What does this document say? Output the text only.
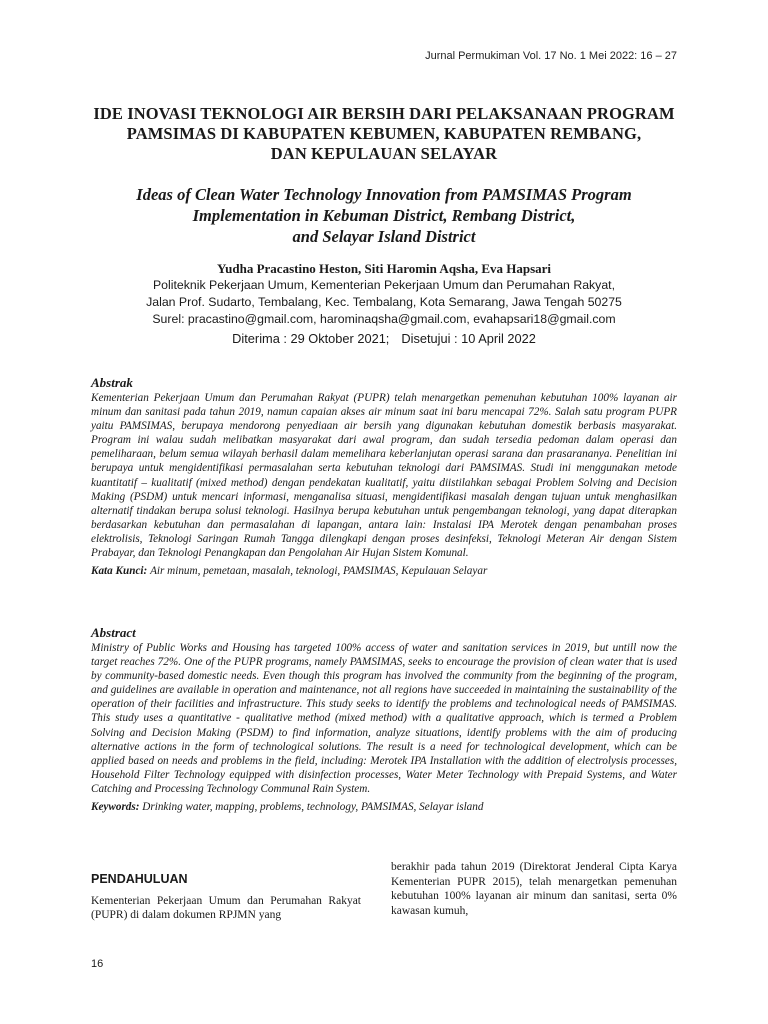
Jurnal Permukiman Vol. 17 No. 1 Mei 2022: 16 – 27

IDE INOVASI TEKNOLOGI AIR BERSIH DARI PELAKSANAAN PROGRAM
PAMSIMAS DI KABUPATEN KEBUMEN, KABUPATEN REMBANG,
DAN KEPULAUAN SELAYAR

Ideas of Clean Water Technology Innovation from PAMSIMAS Program
Implementation in Kebuman District, Rembang District,
and Selayar Island District

Yudha Pracastino Heston, Siti Haromin Aqsha, Eva Hapsari
Politeknik Pekerjaan Umum, Kementerian Pekerjaan Umum dan Perumahan Rakyat,
Jalan Prof. Sudarto, Tembalang, Kec. Tembalang, Kota Semarang, Jawa Tengah 50275
Surel: pracastino@gmail.com, harominaqsha@gmail.com, evahapsari18@gmail.com
Diterima : 29 Oktober 2021; Disetujui : 10 April 2022
Abstrak

Kementerian Pekerjaan Umum dan Perumahan Rakyat (PUPR) telah menargetkan pemenuhan kebutuhan 100% layanan air minum dan sanitasi pada tahun 2019, namun capaian akses air minum saat ini baru mencapai 72%. Salah satu program PUPR yaitu PAMSIMAS, berupaya mendorong penyediaan air bersih yang digunakan kebutuhan domestik berbasis masyarakat. Program ini walau sudah melibatkan masyarakat dari awal program, dan sudah tersedia pedoman dalam operasi dan pemeliharaan, belum semua wilayah berhasil dalam memelihara keberlanjutan operasi sarana dan prasarananya. Penelitian ini berupaya untuk mengidentifikasi permasalahan serta kebutuhan teknologi dari PAMSIMAS. Studi ini menggunakan metode kuantitatif – kualitatif (mixed method) dengan pendekatan kualitatif, yaitu diistilahkan sebagai Problem Solving and Decision Making (PSDM) untuk mencari informasi, menganalisa situasi, mengidentifikasi masalah dengan tujuan untuk menghasilkan alternatif tindakan berupa solusi teknologi. Hasilnya berupa kebutuhan untuk pengembangan teknologi, yang dapat diterapkan berdasarkan kebutuhan dan permasalahan di lapangan, antara lain: Instalasi IPA Merotek dengan penambahan proses elektrolisis, Teknologi Saringan Rumah Tangga dilengkapi dengan proses desinfeksi, Teknologi Meteran Air dengan Sistem Prabayar, dan Teknologi Penangkapan dan Pengolahan Air Hujan Sistem Komunal.

Kata Kunci: Air minum, pemetaan, masalah, teknologi, PAMSIMAS, Kepulauan Selayar
Abstract

Ministry of Public Works and Housing has targeted 100% access of water and sanitation services in 2019, but untill now the target reaches 72%. One of the PUPR programs, namely PAMSIMAS, seeks to encourage the provision of clean water that is used by community-based domestic needs. Even though this program has involved the community from the beginning of the program, and guidelines are available in operation and maintenance, not all regions have succeeded in maintaining the sustainability of the operation of their facilities and infrastructure. This study seeks to identify the problems and technological needs of PAMSIMAS. This study uses a quantitative - qualitative method (mixed method) with a qualitative approach, which is termed a Problem Solving and Decision Making (PSDM) to find information, analyze situations, identify problems with the aim of producing alternative actions in the form of technological solutions. The result is a need for technological development, which can be applied based on needs and problems in the field, including: Merotek IPA Installation with the addition of electrolysis processes, Household Filter Technology equipped with disinfection processes, Water Meter Technology with Prepaid Systems, and Water Catching and Processing Technology Communal Rain System.

Keywords: Drinking water, mapping, problems, technology, PAMSIMAS, Selayar island
PENDAHULUAN

Kementerian Pekerjaan Umum dan Perumahan Rakyat (PUPR) di dalam dokumen RPJMN yang

berakhir pada tahun 2019 (Direktorat Jenderal Cipta Karya Kementerian PUPR 2015), telah menargetkan pemenuhan kebutuhan 100% layanan air minum dan sanitasi, serta 0% kawasan kumuh,

16
